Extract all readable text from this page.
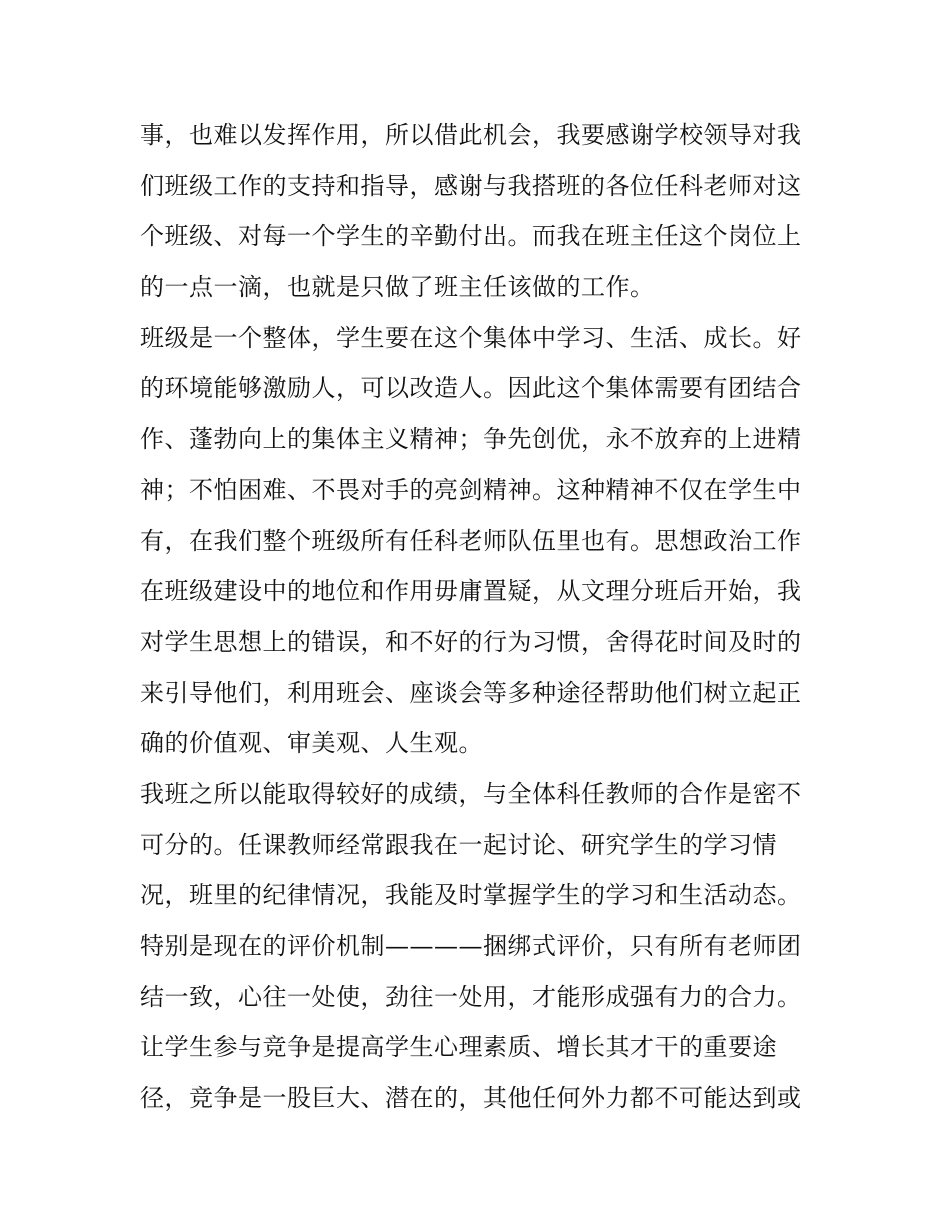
事，也难以发挥作用，所以借此机会，我要感谢学校领导对我
们班级工作的支持和指导，感谢与我搭班的各位任科老师对这
个班级、对每一个学生的辛勤付出。而我在班主任这个岗位上
的一点一滴，也就是只做了班主任该做的工作。
班级是一个整体，学生要在这个集体中学习、生活、成长。好
的环境能够激励人，可以改造人。因此这个集体需要有团结合
作、蓬勃向上的集体主义精神；争先创优，永不放弃的上进精
神；不怕困难、不畏对手的亮剑精神。这种精神不仅在学生中
有，在我们整个班级所有任科老师队伍里也有。思想政治工作
在班级建设中的地位和作用毋庸置疑，从文理分班后开始，我
对学生思想上的错误，和不好的行为习惯，舍得花时间及时的
来引导他们，利用班会、座谈会等多种途径帮助他们树立起正
确的价值观、审美观、人生观。
我班之所以能取得较好的成绩，与全体科任教师的合作是密不
可分的。任课教师经常跟我在一起讨论、研究学生的学习情
况，班里的纪律情况，我能及时掌握学生的学习和生活动态。
特别是现在的评价机制————捆绑式评价，只有所有老师团
结一致，心往一处使，劲往一处用，才能形成强有力的合力。
让学生参与竞争是提高学生心理素质、增长其才干的重要途
径，竞争是一股巨大、潜在的，其他任何外力都不可能达到或
